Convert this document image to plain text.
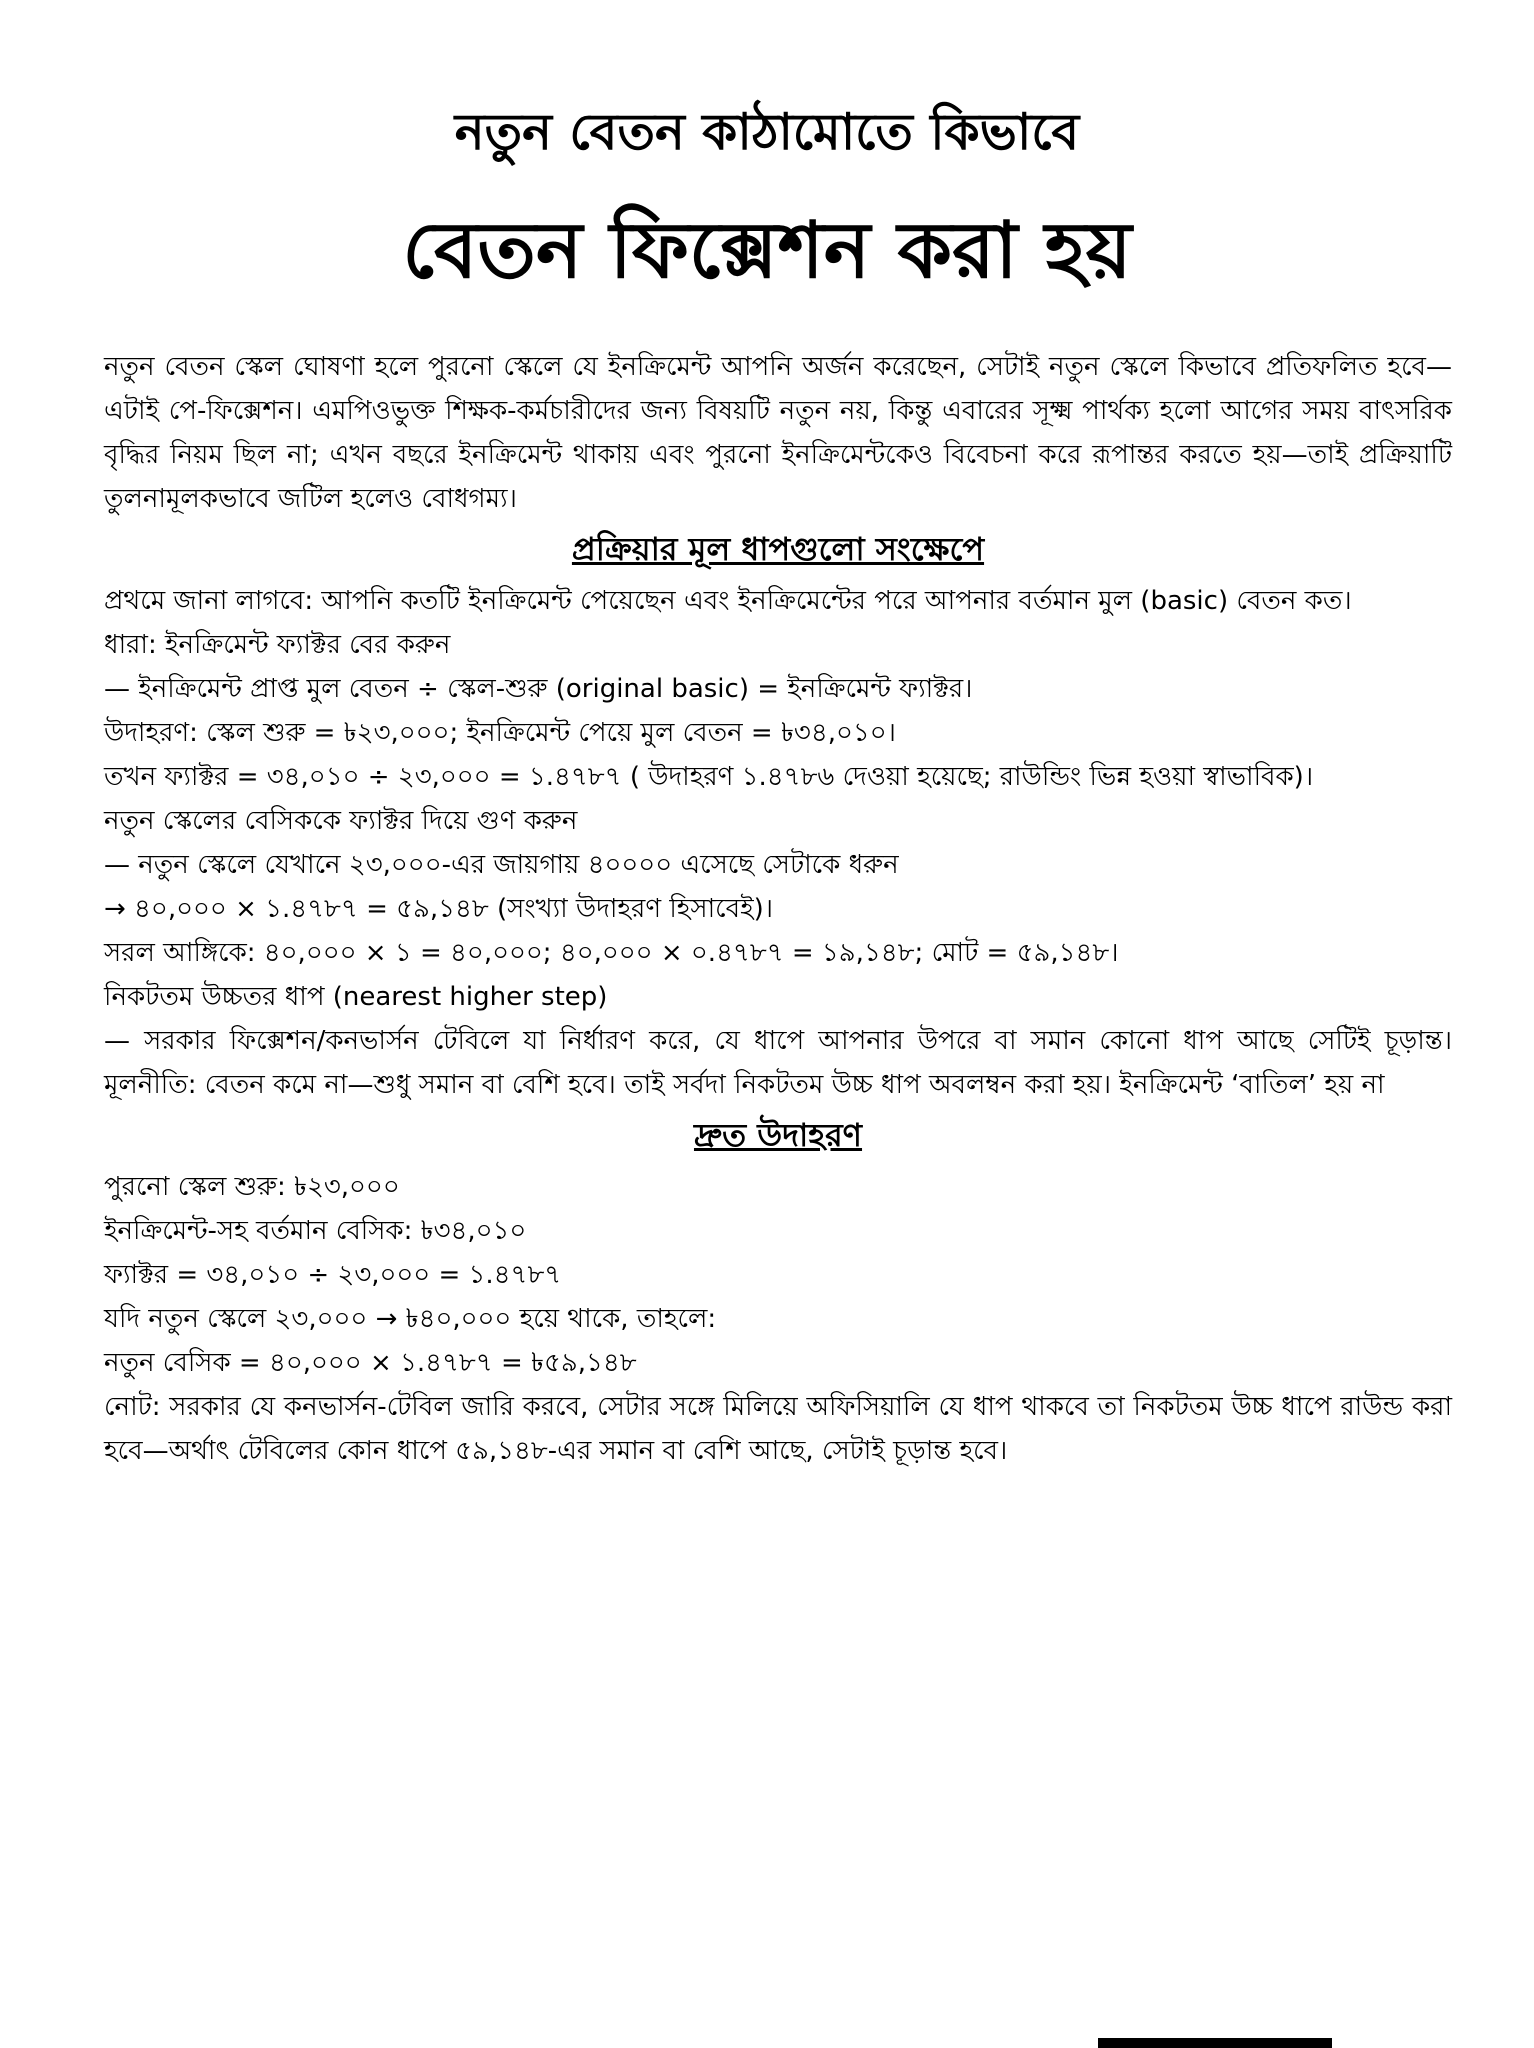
নতুন বেতন কাঠামোতে কিভাবে
বেতন ফিক্সেশন করা হয়

নতুন বেতন স্কেল ঘোষণা হলে পুরনো স্কেলে যে ইনক্রিমেন্ট আপনি অর্জন করেছেন, সেটাই নতুন স্কেলে কিভাবে প্রতিফলিত হবে—এটাই পে-ফিক্সেশন। এমপিওভুক্ত শিক্ষক-কর্মচারীদের জন্য বিষয়টি নতুন নয়, কিন্তু এবারের সূক্ষ্ম পার্থক্য হলো আগের সময় বাৎসরিক বৃদ্ধির নিয়ম ছিল না; এখন বছরে ইনক্রিমেন্ট থাকায় এবং পুরনো ইনক্রিমেন্টকেও বিবেচনা করে রূপান্তর করতে হয়—তাই প্রক্রিয়াটি তুলনামূলকভাবে জটিল হলেও বোধগম্য।

প্রক্রিয়ার মূল ধাপগুলো সংক্ষেপে

প্রথমে জানা লাগবে: আপনি কতটি ইনক্রিমেন্ট পেয়েছেন এবং ইনক্রিমেন্টের পরে আপনার বর্তমান মুল (basic) বেতন কত।

ধারা: ইনক্রিমেন্ট ফ্যাক্টর বের করুন

— ইনক্রিমেন্ট প্রাপ্ত মুল বেতন ÷ স্কেল-শুরু (original basic) = ইনক্রিমেন্ট ফ্যাক্টর।

উদাহরণ: স্কেল শুরু = ৳২৩,০০০; ইনক্রিমেন্ট পেয়ে মুল বেতন = ৳৩৪,০১০।

তখন ফ্যাক্টর = ৩৪,০১০ ÷ ২৩,০০০ = ১.৪৭৮৭ ( উদাহরণ ১.৪৭৮৬ দেওয়া হয়েছে; রাউন্ডিং ভিন্ন হওয়া স্বাভাবিক)।

নতুন স্কেলের বেসিককে ফ্যাক্টর দিয়ে গুণ করুন

— নতুন স্কেলে যেখানে ২৩,০০০-এর জায়গায় ৪০০০০ এসেছে সেটাকে ধরুন

→ ৪০,০০০ × ১.৪৭৮৭ = ৫৯,১৪৮ (সংখ্যা উদাহরণ হিসাবেই)।

সরল আঙ্গিকে: ৪০,০০০ × ১ = ৪০,০০০; ৪০,০০০ × ০.৪৭৮৭ = ১৯,১৪৮; মোট = ৫৯,১৪৮।

নিকটতম উচ্চতর ধাপ (nearest higher step)

— সরকার ফিক্সেশন/কনভার্সন টেবিলে যা নির্ধারণ করে, যে ধাপে আপনার উপরে বা সমান কোনো ধাপ আছে সেটিই চূড়ান্ত। মূলনীতি: বেতন কমে না—শুধু সমান বা বেশি হবে। তাই সর্বদা নিকটতম উচ্চ ধাপ অবলম্বন করা হয়। ইনক্রিমেন্ট ‘বাতিল’ হয় না

দ্রুত উদাহরণ

পুরনো স্কেল শুরু: ৳২৩,০০০

ইনক্রিমেন্ট-সহ বর্তমান বেসিক: ৳৩৪,০১০

ফ্যাক্টর = ৩৪,০১০ ÷ ২৩,০০০ = ১.৪৭৮৭

যদি নতুন স্কেলে ২৩,০০০ → ৳৪০,০০০ হয়ে থাকে, তাহলে:

নতুন বেসিক = ৪০,০০০ × ১.৪৭৮৭ = ৳৫৯,১৪৮

নোট: সরকার যে কনভার্সন-টেবিল জারি করবে, সেটার সঙ্গে মিলিয়ে অফিসিয়ালি যে ধাপ থাকবে তা নিকটতম উচ্চ ধাপে রাউন্ড করা হবে—অর্থাৎ টেবিলের কোন ধাপে ৫৯,১৪৮-এর সমান বা বেশি আছে, সেটাই চূড়ান্ত হবে।
